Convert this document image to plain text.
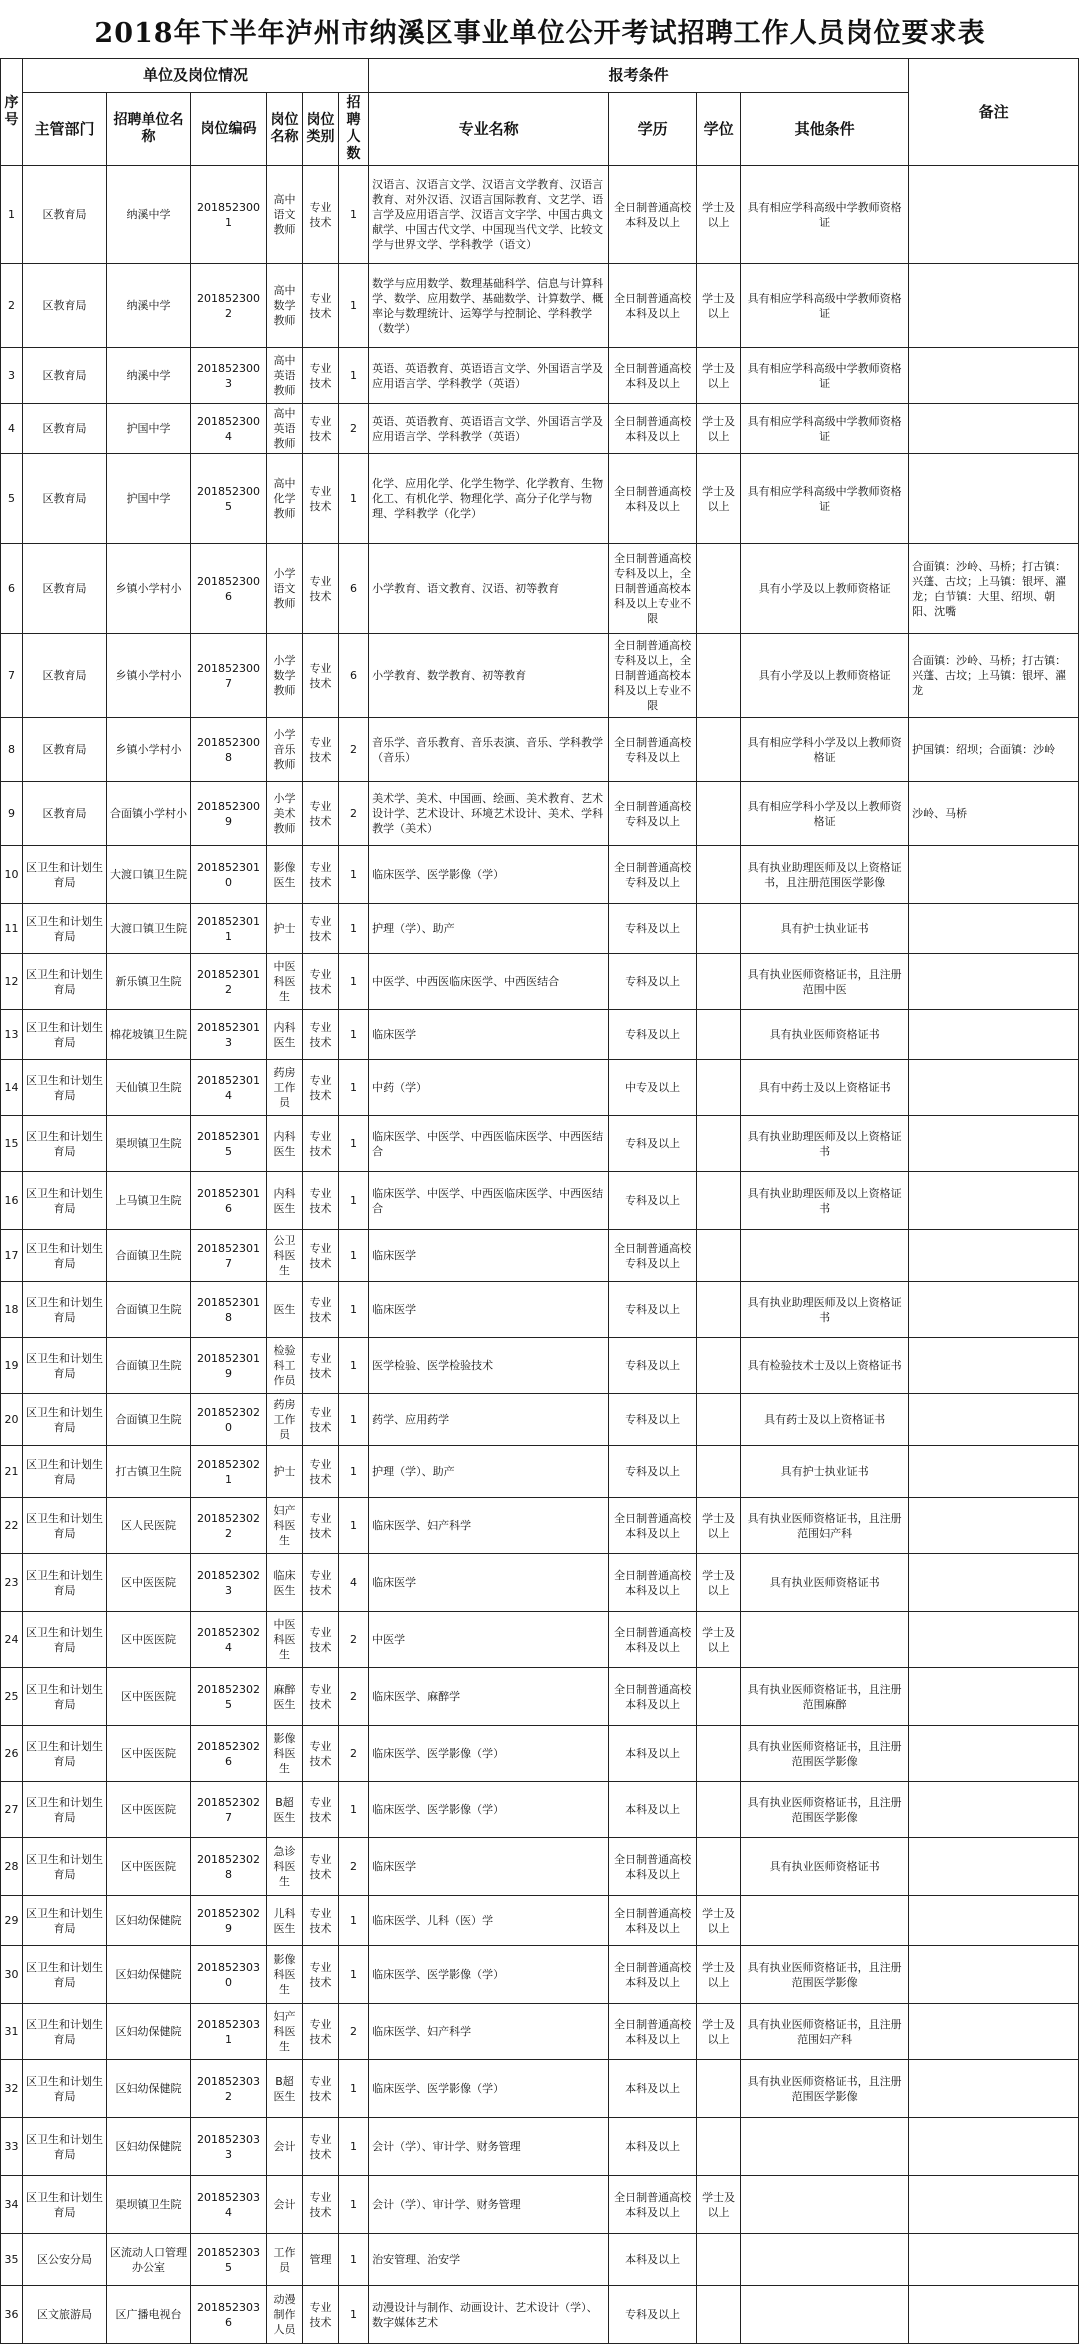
2018年下半年泸州市纳溪区事业单位公开考试招聘工作人员岗位要求表
序号	单位及岗位情况						报考条件				备注
	主管部门	招聘单位名称	岗位编码	岗位名称	岗位类别	招聘人数	专业名称	学历	学位	其他条件	
1	区教育局	纳溪中学	2018523001	高中语文教师	专业技术	1	汉语言、汉语言文学、汉语言文学教育、汉语言教育、对外汉语、汉语言国际教育、文艺学、语言学及应用语言学、汉语言文字学、中国古典文献学、中国古代文学、中国现当代文学、比较文学与世界文学、学科教学（语文）	全日制普通高校本科及以上	学士及以上	具有相应学科高级中学教师资格证	
2	区教育局	纳溪中学	2018523002	高中数学教师	专业技术	1	数学与应用数学、数理基础科学、信息与计算科学、数学、应用数学、基础数学、计算数学、概率论与数理统计、运筹学与控制论、学科教学（数学）	全日制普通高校本科及以上	学士及以上	具有相应学科高级中学教师资格证	
3	区教育局	纳溪中学	2018523003	高中英语教师	专业技术	1	英语、英语教育、英语语言文学、外国语言学及应用语言学、学科教学（英语）	全日制普通高校本科及以上	学士及以上	具有相应学科高级中学教师资格证	
4	区教育局	护国中学	2018523004	高中英语教师	专业技术	2	英语、英语教育、英语语言文学、外国语言学及应用语言学、学科教学（英语）	全日制普通高校本科及以上	学士及以上	具有相应学科高级中学教师资格证	
5	区教育局	护国中学	2018523005	高中化学教师	专业技术	1	化学、应用化学、化学生物学、化学教育、生物化工、有机化学、物理化学、高分子化学与物理、学科教学（化学）	全日制普通高校本科及以上	学士及以上	具有相应学科高级中学教师资格证	
6	区教育局	乡镇小学村小	2018523006	小学语文教师	专业技术	6	小学教育、语文教育、汉语、初等教育	全日制普通高校专科及以上，全日制普通高校本科及以上专业不限		具有小学及以上教师资格证	合面镇：沙岭、马桥；打古镇：兴蓬、古坟；上马镇：银坪、濯龙；白节镇：大里、绍坝、朝阳、沈嘴
7	区教育局	乡镇小学村小	2018523007	小学数学教师	专业技术	6	小学教育、数学教育、初等教育	全日制普通高校专科及以上，全日制普通高校本科及以上专业不限		具有小学及以上教师资格证	合面镇：沙岭、马桥；打古镇：兴蓬、古坟；上马镇：银坪、濯龙
8	区教育局	乡镇小学村小	2018523008	小学音乐教师	专业技术	2	音乐学、音乐教育、音乐表演、音乐、学科教学（音乐）	全日制普通高校专科及以上		具有相应学科小学及以上教师资格证	护国镇：绍坝；合面镇：沙岭
9	区教育局	合面镇小学村小	2018523009	小学美术教师	专业技术	2	美术学、美术、中国画、绘画、美术教育、艺术设计学、艺术设计、环境艺术设计、美术、学科教学（美术）	全日制普通高校专科及以上		具有相应学科小学及以上教师资格证	沙岭、马桥
10	区卫生和计划生育局	大渡口镇卫生院	2018523010	影像医生	专业技术	1	临床医学、医学影像（学）	全日制普通高校专科及以上		具有执业助理医师及以上资格证书，且注册范围医学影像	
11	区卫生和计划生育局	大渡口镇卫生院	2018523011	护士	专业技术	1	护理（学）、助产	专科及以上		具有护士执业证书	
12	区卫生和计划生育局	新乐镇卫生院	2018523012	中医科医生	专业技术	1	中医学、中西医临床医学、中西医结合	专科及以上		具有执业医师资格证书，且注册范围中医	
13	区卫生和计划生育局	棉花坡镇卫生院	2018523013	内科医生	专业技术	1	临床医学	专科及以上		具有执业医师资格证书	
14	区卫生和计划生育局	天仙镇卫生院	2018523014	药房工作员	专业技术	1	中药（学）	中专及以上		具有中药士及以上资格证书	
15	区卫生和计划生育局	渠坝镇卫生院	2018523015	内科医生	专业技术	1	临床医学、中医学、中西医临床医学、中西医结合	专科及以上		具有执业助理医师及以上资格证书	
16	区卫生和计划生育局	上马镇卫生院	2018523016	内科医生	专业技术	1	临床医学、中医学、中西医临床医学、中西医结合	专科及以上		具有执业助理医师及以上资格证书	
17	区卫生和计划生育局	合面镇卫生院	2018523017	公卫科医生	专业技术	1	临床医学	全日制普通高校专科及以上			
18	区卫生和计划生育局	合面镇卫生院	2018523018	医生	专业技术	1	临床医学	专科及以上		具有执业助理医师及以上资格证书	
19	区卫生和计划生育局	合面镇卫生院	2018523019	检验科工作员	专业技术	1	医学检验、医学检验技术	专科及以上		具有检验技术士及以上资格证书	
20	区卫生和计划生育局	合面镇卫生院	2018523020	药房工作员	专业技术	1	药学、应用药学	专科及以上		具有药士及以上资格证书	
21	区卫生和计划生育局	打古镇卫生院	2018523021	护士	专业技术	1	护理（学）、助产	专科及以上		具有护士执业证书	
22	区卫生和计划生育局	区人民医院	2018523022	妇产科医生	专业技术	1	临床医学、妇产科学	全日制普通高校本科及以上	学士及以上	具有执业医师资格证书，且注册范围妇产科	
23	区卫生和计划生育局	区中医医院	2018523023	临床医生	专业技术	4	临床医学	全日制普通高校本科及以上	学士及以上	具有执业医师资格证书	
24	区卫生和计划生育局	区中医医院	2018523024	中医科医生	专业技术	2	中医学	全日制普通高校本科及以上	学士及以上		
25	区卫生和计划生育局	区中医医院	2018523025	麻醉医生	专业技术	2	临床医学、麻醉学	全日制普通高校本科及以上		具有执业医师资格证书，且注册范围麻醉	
26	区卫生和计划生育局	区中医医院	2018523026	影像科医生	专业技术	2	临床医学、医学影像（学）	本科及以上		具有执业医师资格证书，且注册范围医学影像	
27	区卫生和计划生育局	区中医医院	2018523027	B超医生	专业技术	1	临床医学、医学影像（学）	本科及以上		具有执业医师资格证书，且注册范围医学影像	
28	区卫生和计划生育局	区中医医院	2018523028	急诊科医生	专业技术	2	临床医学	全日制普通高校本科及以上		具有执业医师资格证书	
29	区卫生和计划生育局	区妇幼保健院	2018523029	儿科医生	专业技术	1	临床医学、儿科（医）学	全日制普通高校本科及以上	学士及以上		
30	区卫生和计划生育局	区妇幼保健院	2018523030	影像科医生	专业技术	1	临床医学、医学影像（学）	全日制普通高校本科及以上	学士及以上	具有执业医师资格证书，且注册范围医学影像	
31	区卫生和计划生育局	区妇幼保健院	2018523031	妇产科医生	专业技术	2	临床医学、妇产科学	全日制普通高校本科及以上	学士及以上	具有执业医师资格证书，且注册范围妇产科	
32	区卫生和计划生育局	区妇幼保健院	2018523032	B超医生	专业技术	1	临床医学、医学影像（学）	本科及以上		具有执业医师资格证书，且注册范围医学影像	
33	区卫生和计划生育局	区妇幼保健院	2018523033	会计	专业技术	1	会计（学）、审计学、财务管理	本科及以上			
34	区卫生和计划生育局	渠坝镇卫生院	2018523034	会计	专业技术	1	会计（学）、审计学、财务管理	全日制普通高校本科及以上	学士及以上		
35	区公安分局	区流动人口管理办公室	2018523035	工作员	管理	1	治安管理、治安学	本科及以上			
36	区文旅游局	区广播电视台	2018523036	动漫制作人员	专业技术	1	动漫设计与制作、动画设计、艺术设计（学）、数字媒体艺术	专科及以上			
